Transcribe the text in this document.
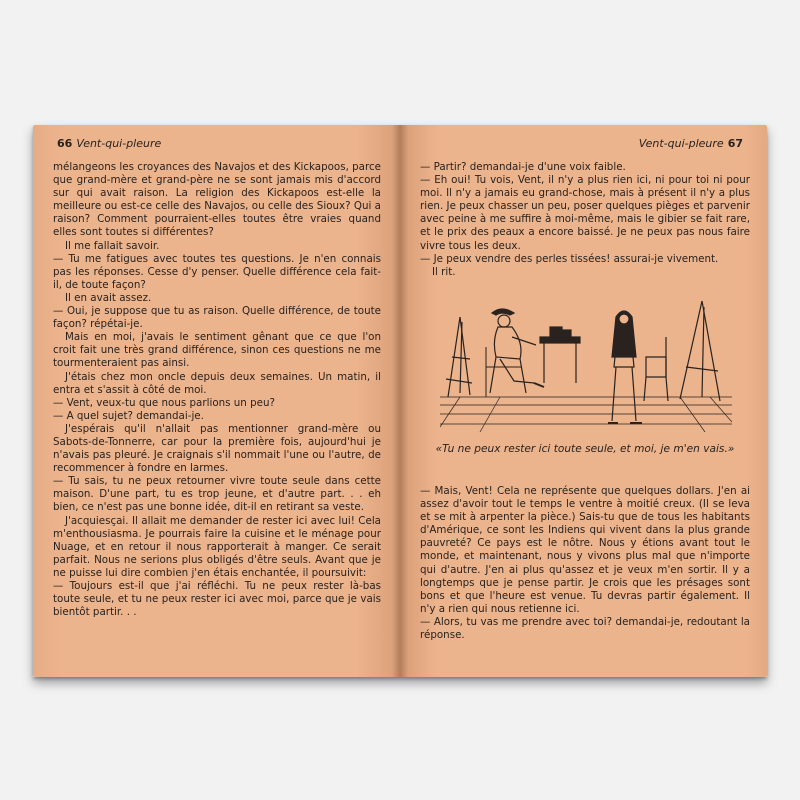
66 Vent-qui-pleure

mélangeons les croyances des Navajos et des Kickapoos, parce que grand-mère et grand-père ne se sont jamais mis d'accord sur qui avait raison. La religion des Kickapoos est-elle la meilleure ou est-ce celle des Navajos, ou celle des Sioux? Qui a raison? Comment pourraient-elles toutes être vraies quand elles sont toutes si différentes?

Il me fallait savoir.

— Tu me fatigues avec toutes tes questions. Je n'en connais pas les réponses. Cesse d'y penser. Quelle différence cela fait-il, de toute façon?

Il en avait assez.

— Oui, je suppose que tu as raison. Quelle différence, de toute façon? répétai-je.

Mais en moi, j'avais le sentiment gênant que ce que l'on croit fait une très grand différence, sinon ces questions ne me tourmenteraient pas ainsi.

J'étais chez mon oncle depuis deux semaines. Un matin, il entra et s'assit à côté de moi.

— Vent, veux-tu que nous parlions un peu?

— A quel sujet? demandai-je.

J'espérais qu'il n'allait pas mentionner grand-mère ou Sabots-de-Tonnerre, car pour la première fois, aujourd'hui je n'avais pas pleuré. Je craignais s'il nommait l'une ou l'autre, de recommencer à fondre en larmes.

— Tu sais, tu ne peux retourner vivre toute seule dans cette maison. D'une part, tu es trop jeune, et d'autre part. . . eh bien, ce n'est pas une bonne idée, dit-il en retirant sa veste.

J'acquiesçai. Il allait me demander de rester ici avec lui! Cela m'enthousiasma. Je pourrais faire la cuisine et le ménage pour Nuage, et en retour il nous rapporterait à manger. Ce serait parfait. Nous ne serions plus obligés d'être seuls. Avant que je ne puisse lui dire combien j'en étais enchantée, il poursuivit:

— Toujours est-il que j'ai réfléchi. Tu ne peux rester là-bas toute seule, et tu ne peux rester ici avec moi, parce que je vais bientôt partir. . .

Vent-qui-pleure 67

— Partir? demandai-je d'une voix faible.

— Eh oui! Tu vois, Vent, il n'y a plus rien ici, ni pour toi ni pour moi. Il n'y a jamais eu grand-chose, mais à présent il n'y a plus rien. Je peux chasser un peu, poser quelques pièges et parvenir avec peine à me suffire à moi-même, mais le gibier se fait rare, et le prix des peaux a encore baissé. Je ne peux pas nous faire vivre tous les deux.

— Je peux vendre des perles tissées! assurai-je vivement.

Il rit.

«Tu ne peux rester ici toute seule, et moi, je m'en vais.»

— Mais, Vent! Cela ne représente que quelques dollars. J'en ai assez d'avoir tout le temps le ventre à moitié creux. (Il se leva et se mit à arpenter la pièce.) Sais-tu que de tous les habitants d'Amérique, ce sont les Indiens qui vivent dans la plus grande pauvreté? Ce pays est le nôtre. Nous y étions avant tout le monde, et maintenant, nous y vivons plus mal que n'importe qui d'autre. J'en ai plus qu'assez et je veux m'en sortir. Il y a longtemps que je pense partir. Je crois que les présages sont bons et que l'heure est venue. Tu devras partir également. Il n'y a rien qui nous retienne ici.

— Alors, tu vas me prendre avec toi? demandai-je, redoutant la réponse.
